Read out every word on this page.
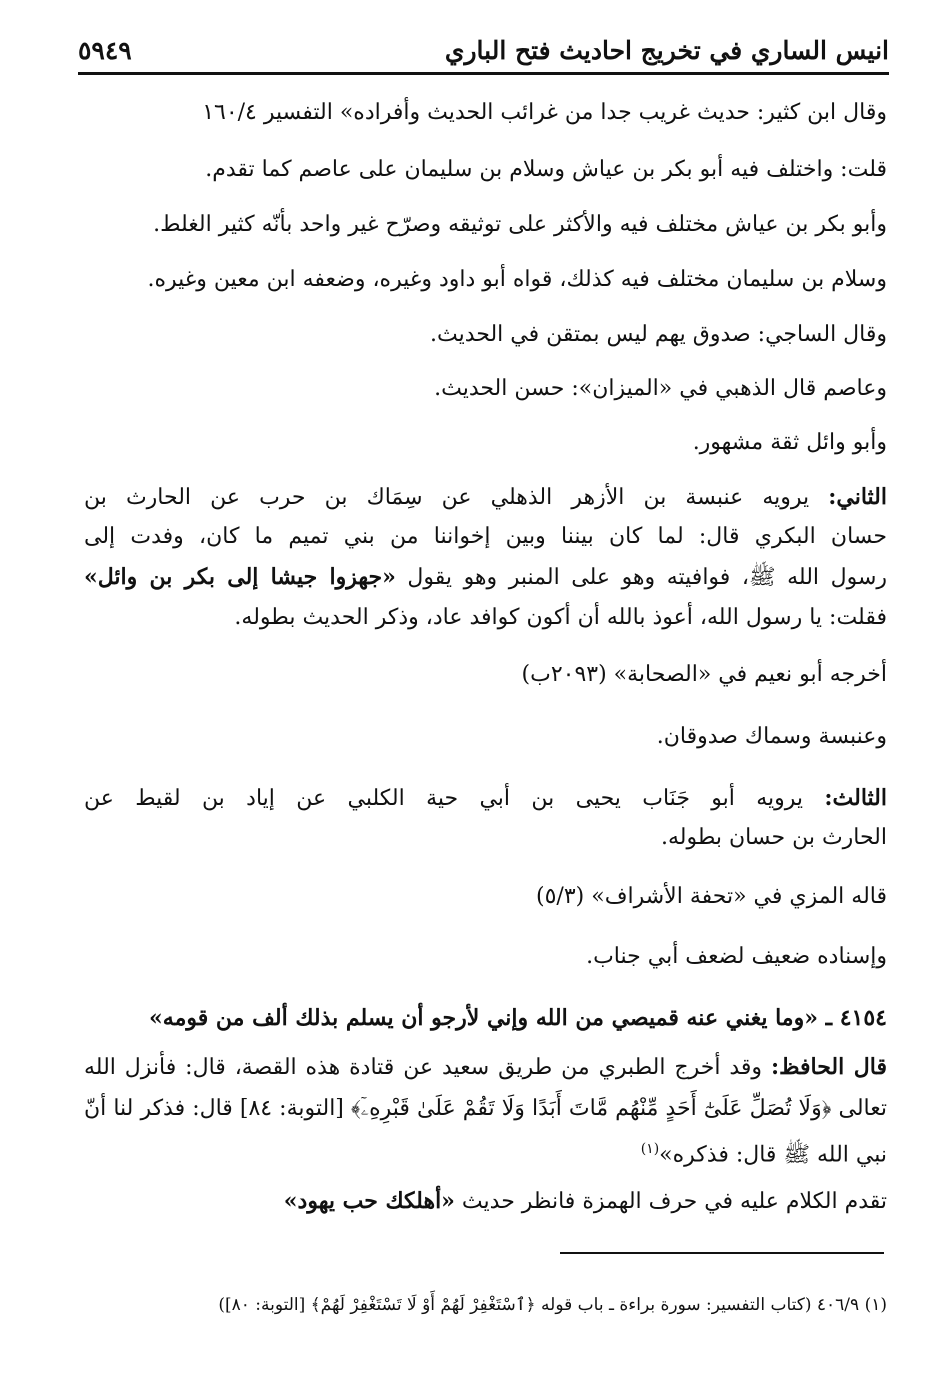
انيس الساري في تخريج احاديث فتح الباري
٥٩٤٩
وقال ابن كثير: حديث غريب جدا من غرائب الحديث وأفراده» التفسير ١٦٠/٤
قلت: واختلف فيه أبو بكر بن عياش وسلام بن سليمان على عاصم كما تقدم.
وأبو بكر بن عياش مختلف فيه والأكثر على توثيقه وصرّح غير واحد بأنّه كثير الغلط.
وسلام بن سليمان مختلف فيه كذلك، قواه أبو داود وغيره، وضعفه ابن معين وغيره.
وقال الساجي: صدوق يهم ليس بمتقن في الحديث.
وعاصم قال الذهبي في «الميزان»: حسن الحديث.
وأبو وائل ثقة مشهور.
الثاني: يرويه عنبسة بن الأزهر الذهلي عن سِمَاك بن حرب عن الحارث بن
حسان البكري قال: لما كان بيننا وبين إخواننا من بني تميم ما كان، وفدت إلى
رسول الله ﷺ، فوافيته وهو على المنبر وهو يقول «جهزوا جيشا إلى بكر بن وائل»
فقلت: يا رسول الله، أعوذ بالله أن أكون كوافد عاد، وذكر الحديث بطوله.
أخرجه أبو نعيم في «الصحابة» (٢٠٩٣ب)
وعنبسة وسماك صدوقان.
الثالث: يرويه أبو جَنَاب يحيى بن أبي حية الكلبي عن إياد بن لقيط عن
الحارث بن حسان بطوله.
قاله المزي في «تحفة الأشراف» (٥/٣)
وإسناده ضعيف لضعف أبي جناب.
٤١٥٤ ـ «وما يغني عنه قميصي من الله وإني لأرجو أن يسلم بذلك ألف من قومه»
قال الحافظ: وقد أخرج الطبري من طريق سعيد عن قتادة هذه القصة، قال: فأنزل الله
تعالى ﴿وَلَا تُصَلِّ عَلَىٰٓ أَحَدٍ مِّنْهُم مَّاتَ أَبَدًا وَلَا تَقُمْ عَلَىٰ قَبْرِهِۦٓ﴾ [التوبة: ٨٤] قال: فذكر لنا أنّ
نبي الله ﷺ قال: فذكره»$^{(١)}$
تقدم الكلام عليه في حرف الهمزة فانظر حديث «أهلكك حب يهود»
(١) ٤٠٦/٩ (كتاب التفسير: سورة براءة ـ باب قوله ﴿ٱسْتَغْفِرْ لَهُمْ أَوْ لَا تَسْتَغْفِرْ لَهُمْ﴾ [التوبة: ٨٠])
